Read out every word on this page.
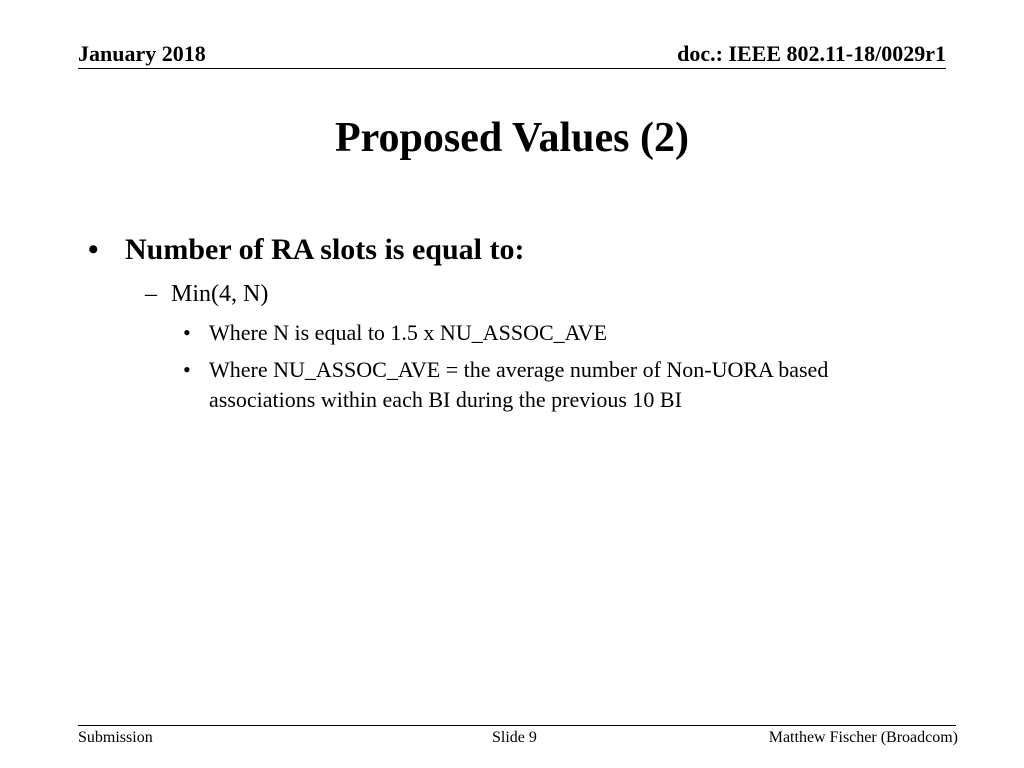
January 2018	doc.: IEEE 802.11-18/0029r1
Proposed Values (2)
• Number of RA slots is equal to:
– Min(4, N)
• Where N is equal to 1.5 x NU_ASSOC_AVE
• Where NU_ASSOC_AVE = the average number of Non-UORA based
associations within each BI during the previous 10 BI
Submission	Slide 9	Matthew Fischer (Broadcom)
